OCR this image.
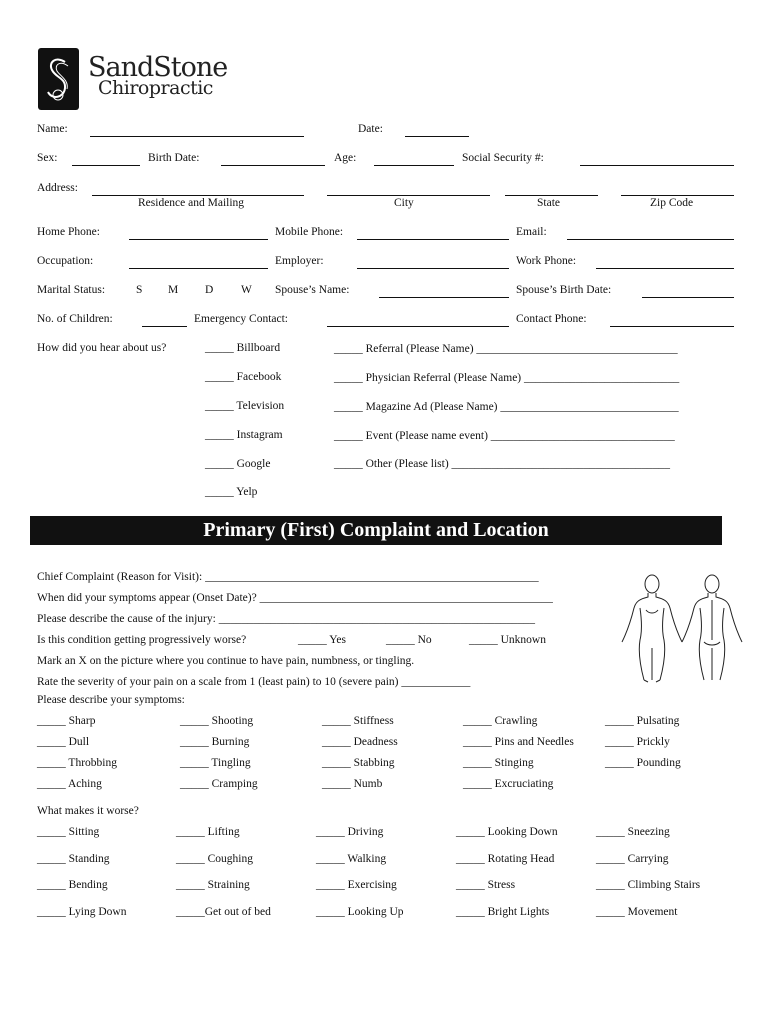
SandStone
Chiropractic
Name:	Date:
Sex:	Birth Date:	Age:	Social Security #:
Address:
Residence and Mailing	City	State	Zip Code
Home Phone:	Mobile Phone:	Email:
Occupation:	Employer:	Work Phone:
Marital Status:	S M D W Spouse’s Name:	Spouse’s Birth Date:
No. of Children:	Emergency Contact:	Contact Phone:
How did you hear about us?	_____ Billboard
_____ Facebook
_____ Television
_____ Instagram
_____ Google
_____ Yelp
_____ Referral (Please Name) ___________________________________
_____ Physician Referral (Please Name) ___________________________
_____ Magazine Ad (Please Name) _______________________________
_____ Event (Please name event) ________________________________
_____ Other (Please list) ______________________________________
Primary (First) Complaint and Location
Chief Complaint (Reason for Visit): __________________________________________________________
When did your symptoms appear (Onset Date)? ___________________________________________________
Please describe the cause of the injury: _______________________________________________________
Is this condition getting progressively worse?	_____ Yes	_____ No	_____ Unknown
Mark an X on the picture where you continue to have pain, numbness, or tingling.
Rate the severity of your pain on a scale from 1 (least pain) to 10 (severe pain) ____________
Please describe your symptoms:
_____ Sharp	_____ Shooting	_____ Stiffness	_____ Crawling	_____ Pulsating
_____ Dull	_____ Burning	_____ Deadness	_____ Pins and Needles	_____ Prickly
_____ Throbbing	_____ Tingling	_____ Stabbing	_____ Stinging	_____ Pounding
_____ Aching	_____ Cramping	_____ Numb	_____ Excruciating
What makes it worse?
_____ Sitting	_____ Lifting	_____ Driving	_____ Looking Down	_____ Sneezing
_____ Standing	_____ Coughing	_____ Walking	_____ Rotating Head	_____ Carrying
_____ Bending	_____ Straining	_____ Exercising	_____ Stress	_____ Climbing Stairs
_____ Lying Down	_____Get out of bed	_____ Looking Up	_____ Bright Lights	_____ Movement
